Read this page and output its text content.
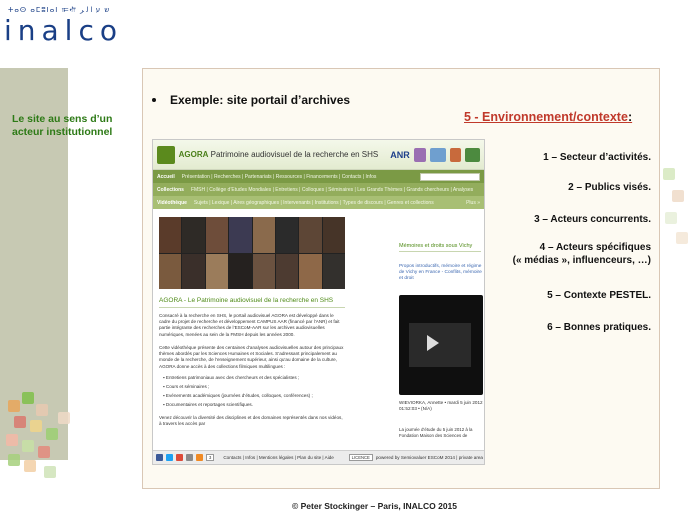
ⵜⴰⵙ ⴰⵎⵓⵏⴰⵏ 𐎣𐎢 ש ע ﺍ ﻟ ﺮ
inalco
Le site au sens d’un acteur institutionnel
Exemple: site portail d’archives
5 - Environnement/contexte:
1 – Secteur d’activités.
2 – Publics visés.
3 – Acteurs concurrents.
4 – Acteurs spécifiques
(« médias », influenceurs, …)
5 – Contexte PESTEL.
6 – Bonnes pratiques.
AGORA Patrimoine audiovisuel de la recherche en SHS ANR
Accueil Présentation | Recherches | Partenariats | Ressources | Financements | Contacts | Infos
Collections FMSH | Collège d’Etudes Mondiales | Entretiens | Colloques | Séminaires | Les Grands Thèmes | Grands chercheurs | Analyses
Vidéothèque Sujets | Lexique | Aires géographiques | Intervenants | Institutions | Types de discours | Genres et collections	Plus »
AGORA - Le Patrimoine audiovisuel de la recherche en SHS
Consacré à la recherche en SHS, le portail audiovisuel AGORA est développé dans le cadre du projet de recherche et développement CAMPUS AAR (financé par l’ANR) et fait partie intégrante des recherches de l’ESCoM-AAR sur les archives audiovisuelles numériques, menées au sein de la FMSH depuis les années 2000.
Cette vidéothèque présente des centaines d’analyses audiovisuelles autour des principaux thèmes abordés par les Sciences Humaines et Sociales. S’adressant principalement au monde de la recherche, de l’enseignement supérieur, ainsi qu’au domaine de la culture, AGORA donne accès à des collections filmiques multilingues :
▪ Entretiens patrimoniaux avec des chercheurs et des spécialistes ;
▪ Cours et séminaires ;
▪ Evénements académiques (journées d’études, colloques, conférences) ;
▪ Documentaires et reportages scientifiques.
Venez découvrir la diversité des disciplines et des domaines représentés dans nos vidéos, à travers les accès par
Mémoires et droits sous Vichy
Propos introductifs, mémoire et régime de Vichy en France - Conflits, mémoire et droit
WIEVIORKA, Annette • mardi 5 juin 2012 01:52:03 • (N/A)
La journée d’étude du 5 juin 2012 à la Fondation Maison des Sciences de
3	Contacts | Infos | Mentions légales | Plan du site | Aide	LICENCE	powered by Semiovaluer ESCoM 2014 | private area
© Peter Stockinger – Paris, INALCO 2015
